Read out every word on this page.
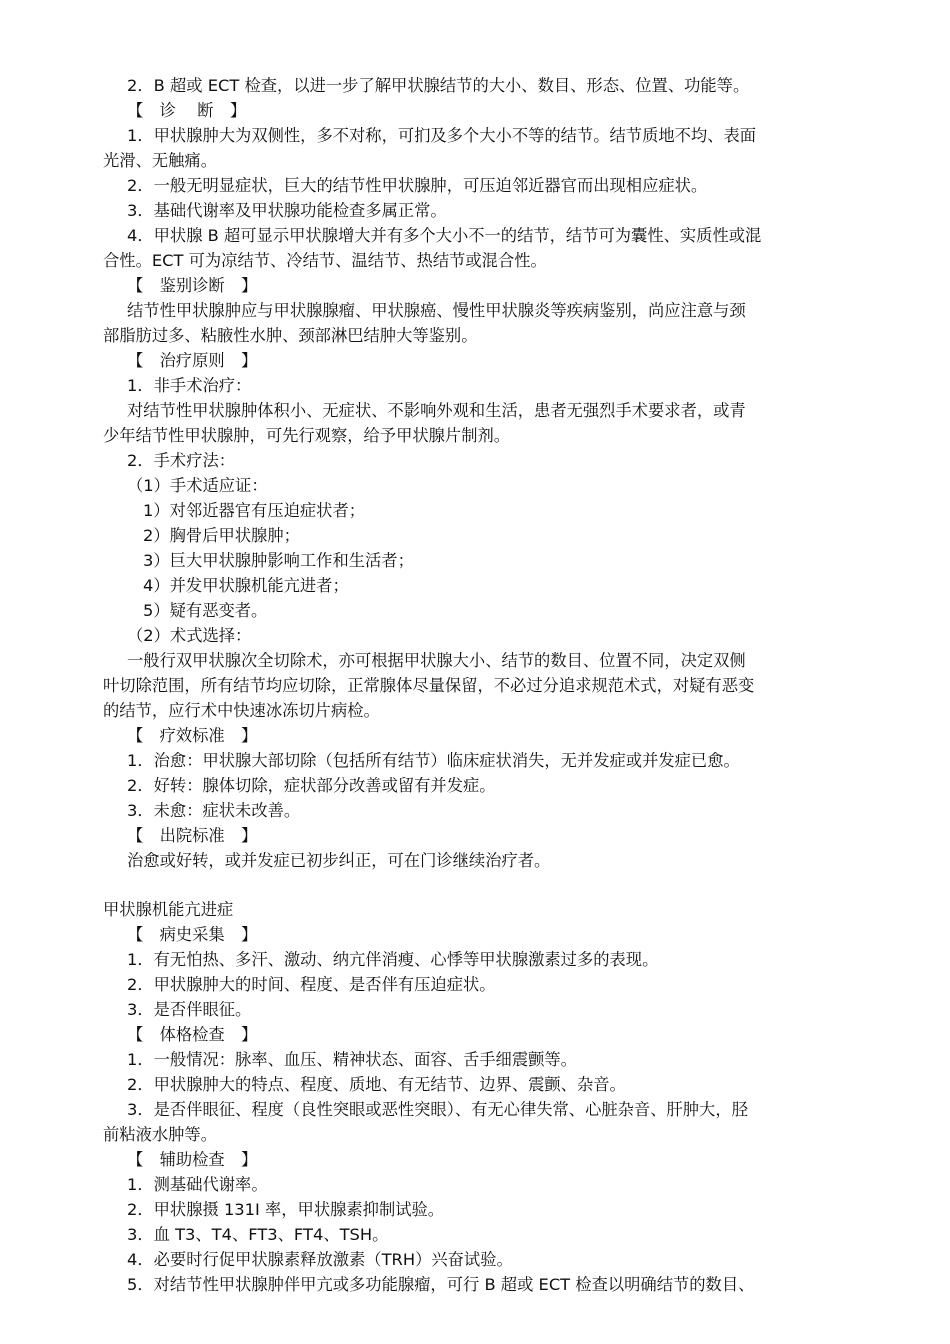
2．B 超或 ECT 检查，以进一步了解甲状腺结节的大小、数目、形态、位置、功能等。

【　诊　 断　】

1．甲状腺肿大为双侧性，多不对称，可扪及多个大小不等的结节。结节质地不均、表面

光滑、无触痛。

2．一般无明显症状，巨大的结节性甲状腺肿，可压迫邻近器官而出现相应症状。

3．基础代谢率及甲状腺功能检查多属正常。

4．甲状腺 B 超可显示甲状腺增大并有多个大小不一的结节，结节可为囊性、实质性或混

合性。ECT 可为凉结节、冷结节、温结节、热结节或混合性。

【　鉴别诊断　】

结节性甲状腺肿应与甲状腺腺瘤、甲状腺癌、慢性甲状腺炎等疾病鉴别，尚应注意与颈

部脂肪过多、粘腋性水肿、颈部淋巴结肿大等鉴别。

【　治疗原则　】

1．非手术治疗：

对结节性甲状腺肿体积小、无症状、不影响外观和生活，患者无强烈手术要求者，或青

少年结节性甲状腺肿，可先行观察，给予甲状腺片制剂。

2．手术疗法：

（1）手术适应证：

1）对邻近器官有压迫症状者；

2）胸骨后甲状腺肿；

3）巨大甲状腺肿影响工作和生活者；

4）并发甲状腺机能亢进者；

5）疑有恶变者。

（2）术式选择：

一般行双甲状腺次全切除术，亦可根据甲状腺大小、结节的数目、位置不同，决定双侧

叶切除范围，所有结节均应切除，正常腺体尽量保留，不必过分追求规范术式，对疑有恶变

的结节，应行术中快速冰冻切片病检。

【　疗效标准　】

1．治愈：甲状腺大部切除（包括所有结节）临床症状消失，无并发症或并发症已愈。

2．好转：腺体切除，症状部分改善或留有并发症。

3．未愈：症状未改善。

【　出院标准　】

治愈或好转，或并发症已初步纠正，可在门诊继续治疗者。

甲状腺机能亢进症

【　病史采集　】

1．有无怕热、多汗、激动、纳亢伴消瘦、心悸等甲状腺激素过多的表现。

2．甲状腺肿大的时间、程度、是否伴有压迫症状。

3．是否伴眼征。

【　体格检查　】

1．一般情况：脉率、血压、精神状态、面容、舌手细震颤等。

2．甲状腺肿大的特点、程度、质地、有无结节、边界、震颤、杂音。

3．是否伴眼征、程度（良性突眼或恶性突眼）、有无心律失常、心脏杂音、肝肿大，胫

前粘液水肿等。

【　辅助检查　】

1．测基础代谢率。

2．甲状腺摄 131I 率，甲状腺素抑制试验。

3．血 T3、T4、FT3、FT4、TSH。

4．必要时行促甲状腺素释放激素（TRH）兴奋试验。

5．对结节性甲状腺肿伴甲亢或多功能腺瘤，可行 B 超或 ECT 检查以明确结节的数目、
